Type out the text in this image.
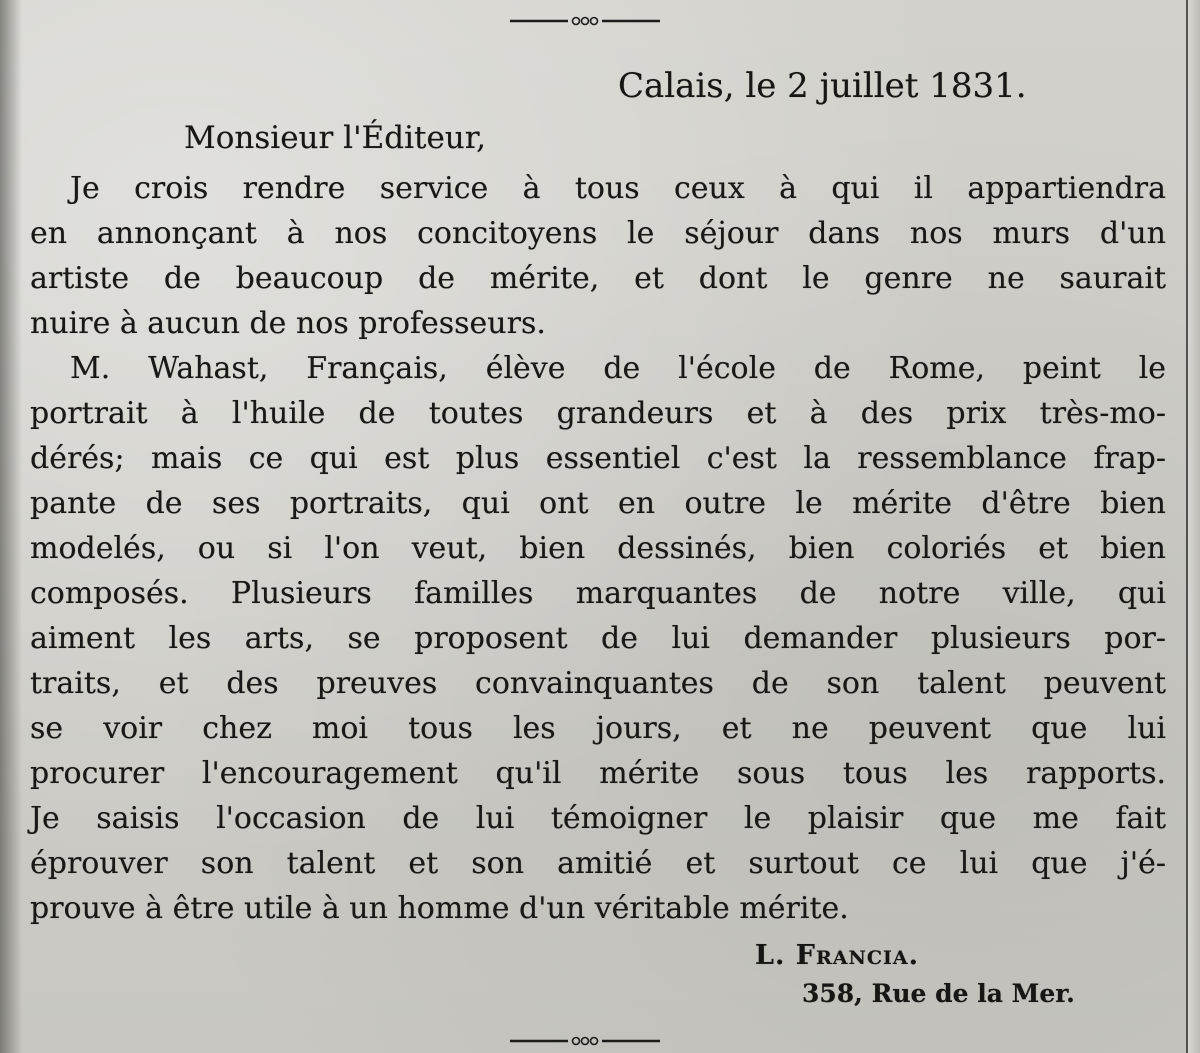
Calais, le 2 juillet 1831.
Monsieur l'Éditeur,
Je crois rendre service à tous ceux à qui il appartiendra
en annonçant à nos concitoyens le séjour dans nos murs d'un
artiste de beaucoup de mérite, et dont le genre ne saurait
nuire à aucun de nos professeurs.
M. Wahast, Français, élève de l'école de Rome, peint le
portrait à l'huile de toutes grandeurs et à des prix très-mo-
dérés; mais ce qui est plus essentiel c'est la ressemblance frap-
pante de ses portraits, qui ont en outre le mérite d'être bien
modelés, ou si l'on veut, bien dessinés, bien coloriés et bien
composés. Plusieurs familles marquantes de notre ville, qui
aiment les arts, se proposent de lui demander plusieurs por-
traits, et des preuves convainquantes de son talent peuvent
se voir chez moi tous les jours, et ne peuvent que lui
procurer l'encouragement qu'il mérite sous tous les rapports.
Je saisis l'occasion de lui témoigner le plaisir que me fait
éprouver son talent et son amitié et surtout ce lui que j'é-
prouve à être utile à un homme d'un véritable mérite.
L. Francia.
358, Rue de la Mer.
